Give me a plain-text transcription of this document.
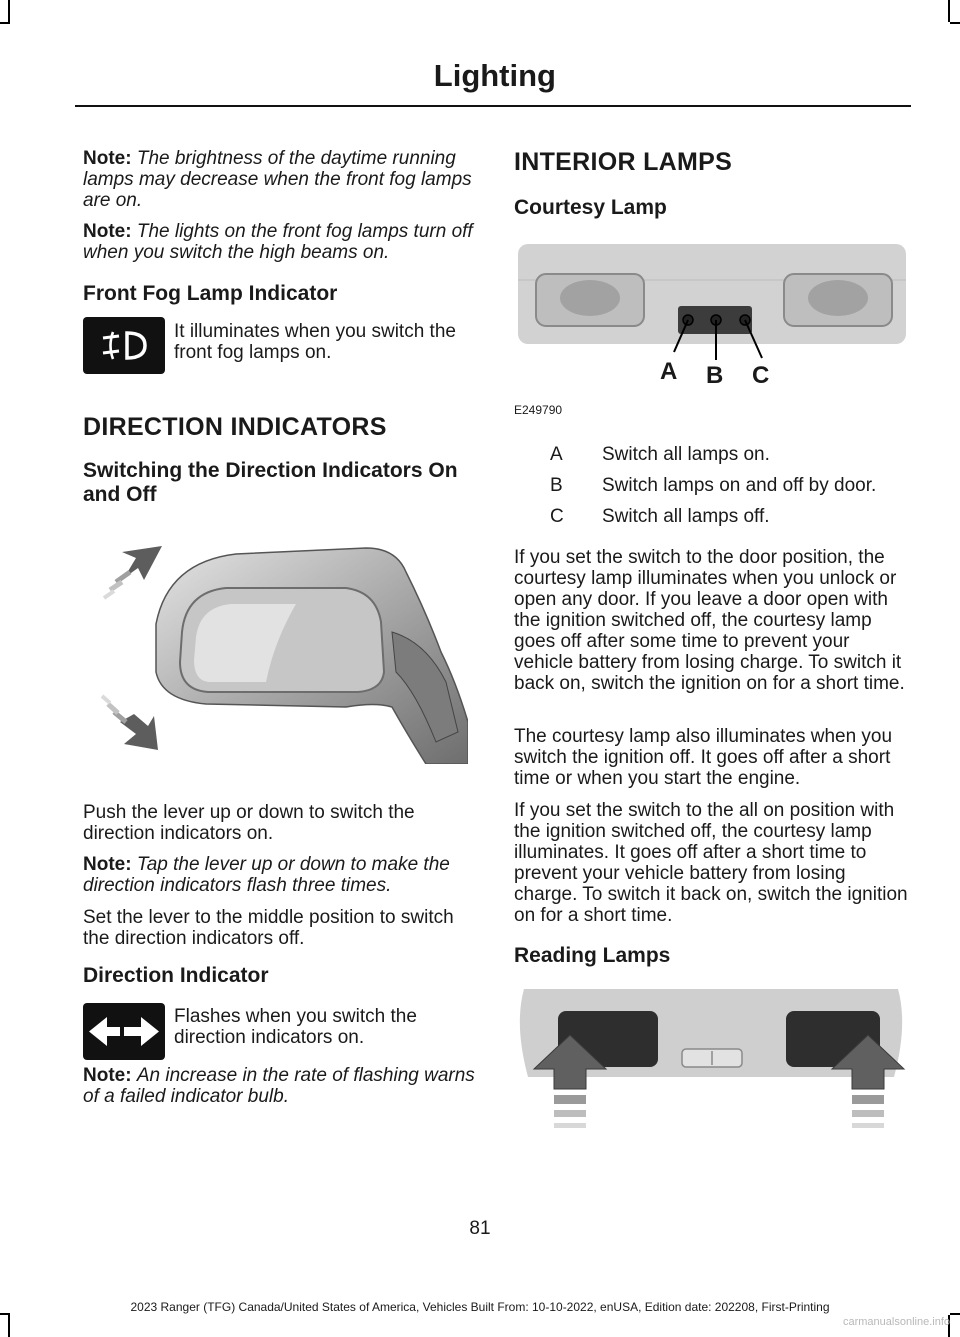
Lighting

Note: The brightness of the daytime running lamps may decrease when the front fog lamps are on.

Note: The lights on the front fog lamps turn off when you switch the high beams on.

Front Fog Lamp Indicator

It illuminates when you switch the front fog lamps on.

DIRECTION INDICATORS
Switching the Direction Indicators On and Off

Push the lever up or down to switch the direction indicators on.

Note: Tap the lever up or down to make the direction indicators flash three times.

Set the lever to the middle position to switch the direction indicators off.

Direction Indicator

Flashes when you switch the direction indicators on.

Note: An increase in the rate of flashing warns of a failed indicator bulb.

INTERIOR LAMPS
Courtesy Lamp
A B C
E249790
A Switch all lamps on.
B Switch lamps on and off by door.
C Switch all lamps off.

If you set the switch to the door position, the courtesy lamp illuminates when you unlock or open any door. If you leave a door open with the ignition switched off, the courtesy lamp goes off after some time to prevent your vehicle battery from losing charge. To switch it back on, switch the ignition on for a short time.

The courtesy lamp also illuminates when you switch the ignition off. It goes off after a short time or when you start the engine.

If you set the switch to the all on position with the ignition switched off, the courtesy lamp illuminates. It goes off after a short time to prevent your vehicle battery from losing charge. To switch it back on, switch the ignition on for a short time.

Reading Lamps
81
2023 Ranger (TFG) Canada/United States of America, Vehicles Built From: 10-10-2022, enUSA, Edition date: 202208, First-Printing
carmanualsonline.info
